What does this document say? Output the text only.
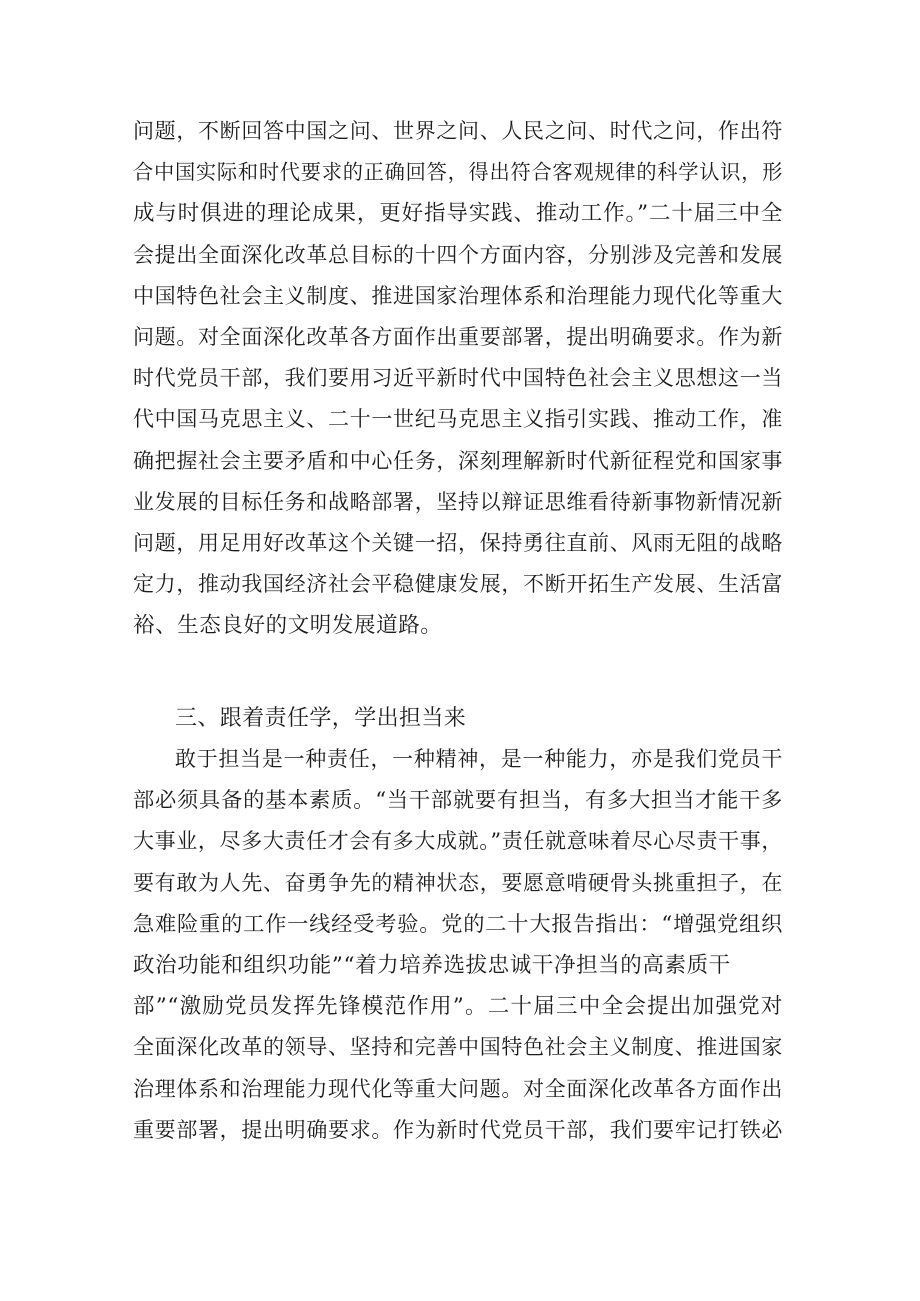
问题，不断回答中国之问、世界之问、人民之问、时代之问，作出符
合中国实际和时代要求的正确回答，得出符合客观规律的科学认识，形
成与时俱进的理论成果，更好指导实践、推动工作。”二十届三中全
会提出全面深化改革总目标的十四个方面内容，分别涉及完善和发展
中国特色社会主义制度、推进国家治理体系和治理能力现代化等重大
问题。对全面深化改革各方面作出重要部署，提出明确要求。作为新
时代党员干部，我们要用习近平新时代中国特色社会主义思想这一当
代中国马克思主义、二十一世纪马克思主义指引实践、推动工作，准
确把握社会主要矛盾和中心任务，深刻理解新时代新征程党和国家事
业发展的目标任务和战略部署，坚持以辩证思维看待新事物新情况新
问题，用足用好改革这个关键一招，保持勇往直前、风雨无阻的战略
定力，推动我国经济社会平稳健康发展，不断开拓生产发展、生活富
裕、生态良好的文明发展道路。
三、跟着责任学，学出担当来
敢于担当是一种责任，一种精神，是一种能力，亦是我们党员干
部必须具备的基本素质。“当干部就要有担当，有多大担当才能干多
大事业，尽多大责任才会有多大成就。”责任就意味着尽心尽责干事，
要有敢为人先、奋勇争先的精神状态，要愿意啃硬骨头挑重担子，在
急难险重的工作一线经受考验。党的二十大报告指出：“增强党组织
政治功能和组织功能”“着力培养选拔忠诚干净担当的高素质干
部”“激励党员发挥先锋模范作用”。二十届三中全会提出加强党对
全面深化改革的领导、坚持和完善中国特色社会主义制度、推进国家
治理体系和治理能力现代化等重大问题。对全面深化改革各方面作出
重要部署，提出明确要求。作为新时代党员干部，我们要牢记打铁必
